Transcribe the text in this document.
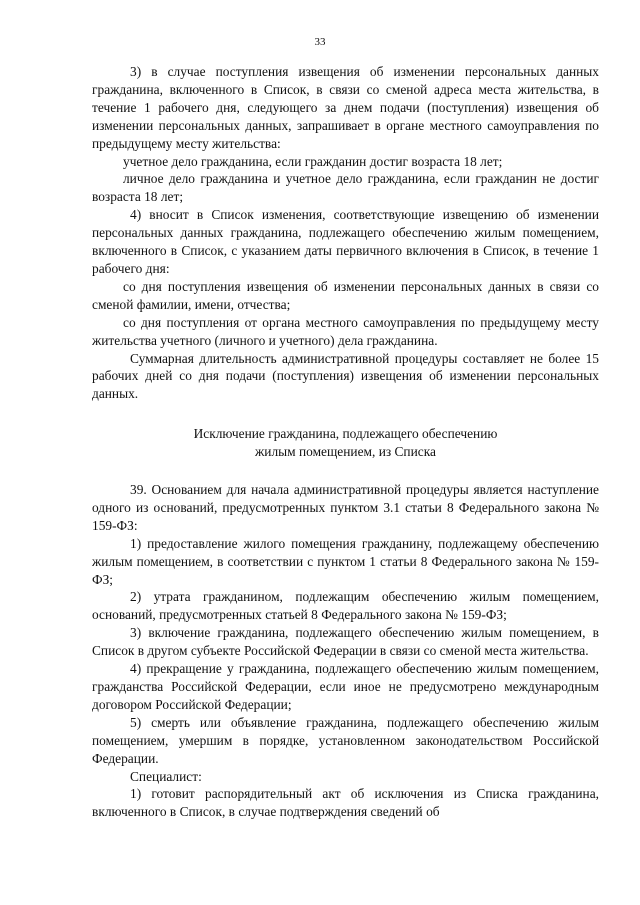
33

3) в случае поступления извещения об изменении персональных данных гражданина, включенного в Список, в связи со сменой адреса места жительства, в течение 1 рабочего дня, следующего за днем подачи (поступления) извещения об изменении персональных данных, запрашивает в органе местного самоуправления по предыдущему месту жительства:

учетное дело гражданина, если гражданин достиг возраста 18 лет;

личное дело гражданина и учетное дело гражданина, если гражданин не достиг возраста 18 лет;

4) вносит в Список изменения, соответствующие извещению об изменении персональных данных гражданина, подлежащего обеспечению жилым помещением, включенного в Список, с указанием даты первичного включения в Список, в течение 1 рабочего дня:

со дня поступления извещения об изменении персональных данных в связи со сменой фамилии, имени, отчества;

со дня поступления от органа местного самоуправления по предыдущему месту жительства учетного (личного и учетного) дела гражданина.

Суммарная длительность административной процедуры составляет не более 15 рабочих дней со дня подачи (поступления) извещения об изменении персональных данных.

Исключение гражданина, подлежащего обеспечению
жилым помещением, из Списка

39. Основанием для начала административной процедуры является наступление одного из оснований, предусмотренных пунктом 3.1 статьи 8 Федерального закона № 159-ФЗ:

1) предоставление жилого помещения гражданину, подлежащему обеспечению жилым помещением, в соответствии с пунктом 1 статьи 8 Федерального закона № 159-ФЗ;

2) утрата гражданином, подлежащим обеспечению жилым помещением, оснований, предусмотренных статьей 8 Федерального закона № 159-ФЗ;

3) включение гражданина, подлежащего обеспечению жилым помещением, в Список в другом субъекте Российской Федерации в связи со сменой места жительства.

4) прекращение у гражданина, подлежащего обеспечению жилым помещением, гражданства Российской Федерации, если иное не предусмотрено международным договором Российской Федерации;

5) смерть или объявление гражданина, подлежащего обеспечению жилым помещением, умершим в порядке, установленном законодательством Российской Федерации.

Специалист:

1) готовит распорядительный акт об исключения из Списка гражданина, включенного в Список, в случае подтверждения сведений об
